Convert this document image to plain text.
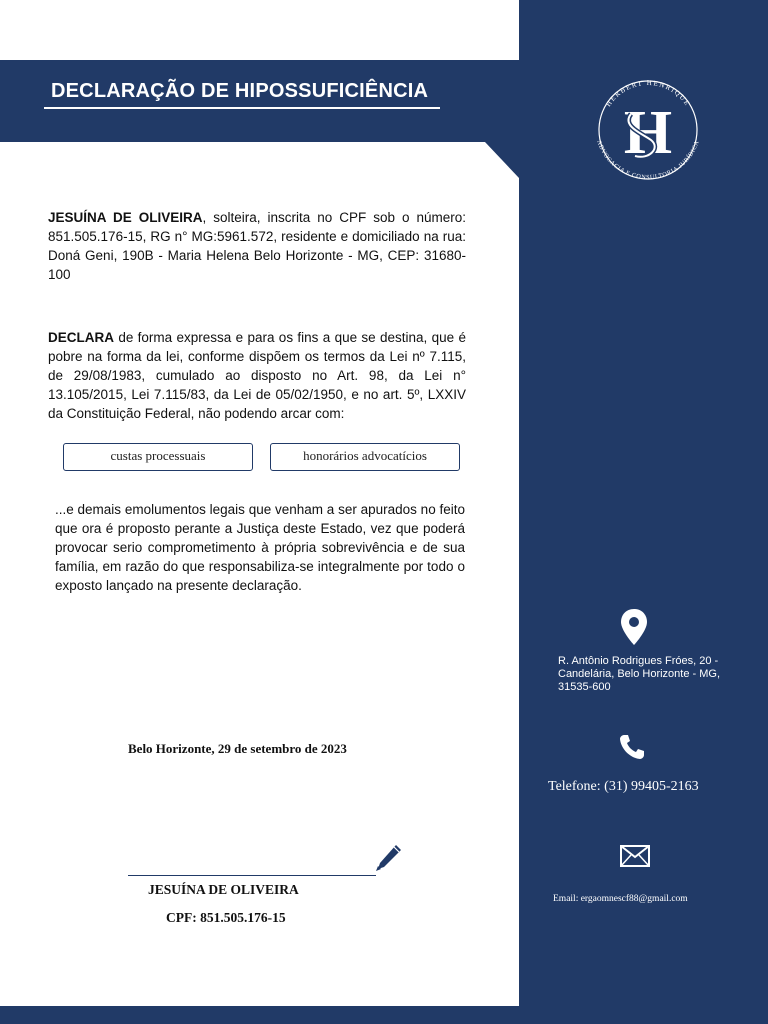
DECLARAÇÃO DE HIPOSSUFICIÊNCIA

JESUÍNA DE OLIVEIRA, solteira, inscrita no CPF sob o número: 851.505.176-15, RG n° MG:5961.572, residente e domiciliado na rua: Doná Geni, 190B - Maria Helena Belo Horizonte - MG, CEP: 31680-100

DECLARA de forma expressa e para os fins a que se destina, que é pobre na forma da lei, conforme dispõem os termos da Lei nº 7.115, de 29/08/1983, cumulado ao disposto no Art. 98, da Lei n° 13.105/2015, Lei 7.115/83, da Lei de 05/02/1950, e no art. 5º, LXXIV da Constituição Federal, não podendo arcar com:

custas processuais	honorários advocatícios

...e demais emolumentos legais que venham a ser apurados no feito que ora é proposto perante a Justiça deste Estado, vez que poderá provocar serio comprometimento à própria sobrevivência e de sua família, em razão do que responsabiliza-se integralmente por todo o exposto lançado na presente declaração.

Belo Horizonte, 29 de setembro de 2023

JESUÍNA DE OLIVEIRA

CPF: 851.505.176-15

HERBERT HENRIQUE
ADVOCACIA E CONSULTORIA JURÍDICA
H

R. Antônio Rodrigues Fróes, 20 - Candelária, Belo Horizonte - MG, 31535-600

Telefone: (31) 99405-2163

Email: ergaomnescf88@gmail.com
